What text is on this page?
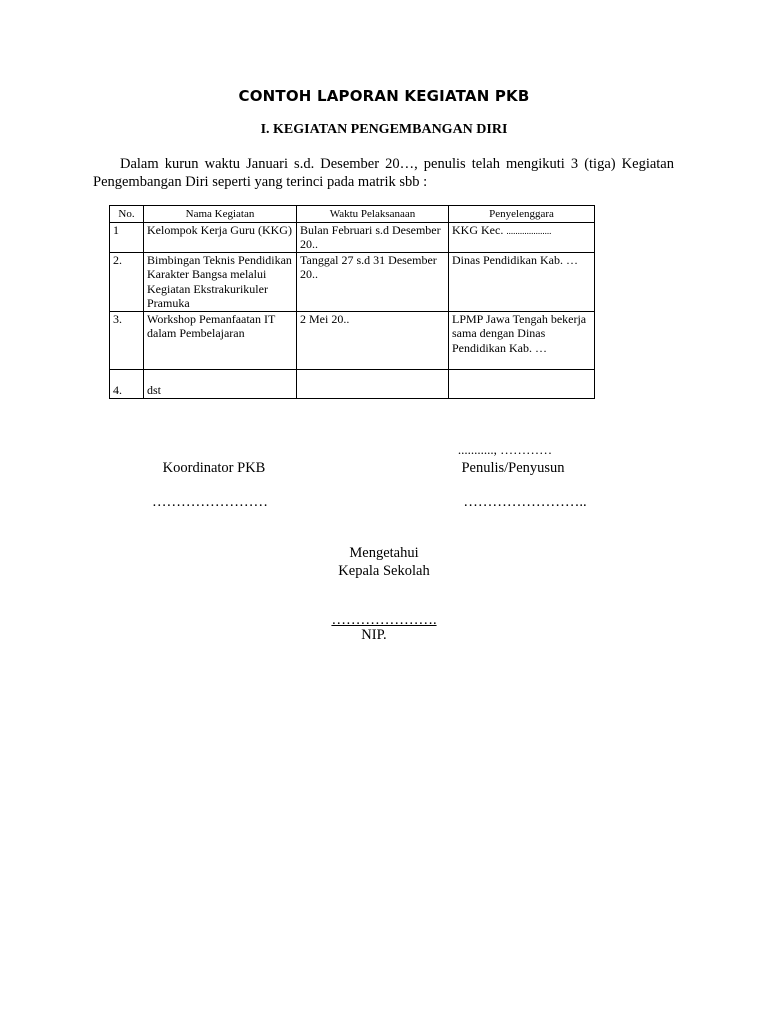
CONTOH LAPORAN KEGIATAN PKB
I. KEGIATAN PENGEMBANGAN DIRI
Dalam kurun waktu Januari s.d. Desember 20…, penulis telah mengikuti 3 (tiga) Kegiatan Pengembangan Diri seperti yang terinci pada matrik sbb :
No.	Nama Kegiatan	Waktu Pelaksanaan	Penyelenggara
1	Kelompok Kerja Guru (KKG)	Bulan Februari s.d Desember 20..	KKG Kec. ....................
2.	Bimbingan Teknis Pendidikan Karakter Bangsa melalui Kegiatan Ekstrakurikuler Pramuka	Tanggal 27 s.d 31 Desember 20..	Dinas Pendidikan Kab. …
3.	Workshop Pemanfaatan IT dalam Pembelajaran	2 Mei 20..	LPMP Jawa Tengah bekerja sama dengan Dinas Pendidikan Kab. …
4.	dst		
..........., …………
Koordinator PKB	Penulis/Penyusun
……………………	……………………..
Mengetahui
Kepala Sekolah
………………….
NIP.
